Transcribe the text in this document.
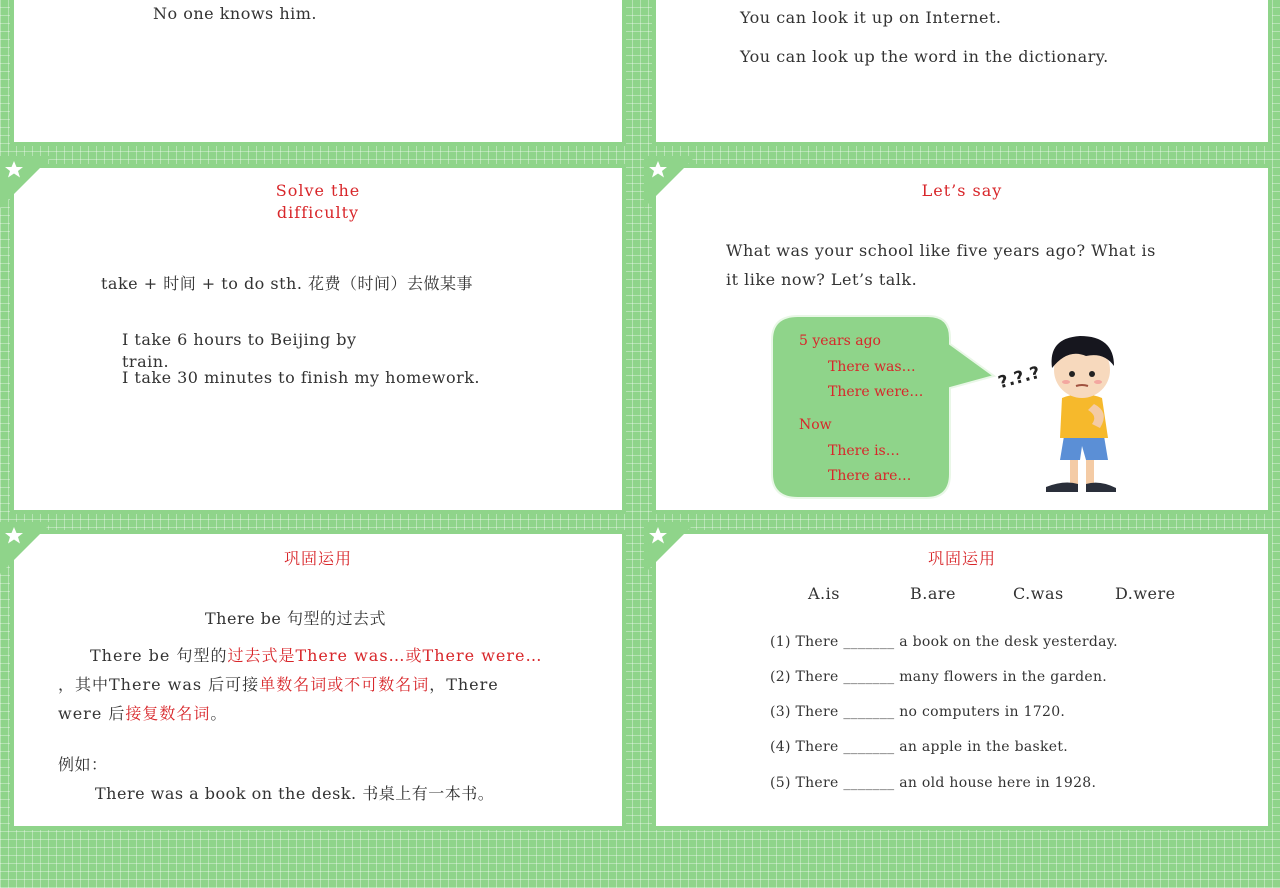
No one knows him.	You can look it up on Internet.
You can look up the word in the dictionary.
Solve the
difficulty
take + 时间 + to do sth. 花费（时间）去做某事
I take 6 hours to Beijing by
train.
I take 30 minutes to finish my homework.
Let’s say
What was your school like five years ago? What is
it like now? Let’s talk.
5 years ago
There was…
There were…
Now
There is…
There are…
?.?.?
巩固运用
There be 句型的过去式
There be 句型的过去式是There was…或There were…
，其中There was 后可接单数名词或不可数名词，There
were 后接复数名词。
例如：
There was a book on the desk. 书桌上有一本书。
巩固运用
A.is	B.are	C.was	D.were
(1) There _______ a book on the desk yesterday.
(2) There _______ many flowers in the garden.
(3) There _______ no computers in 1720.
(4) There _______ an apple in the basket.
(5) There _______ an old house here in 1928.
